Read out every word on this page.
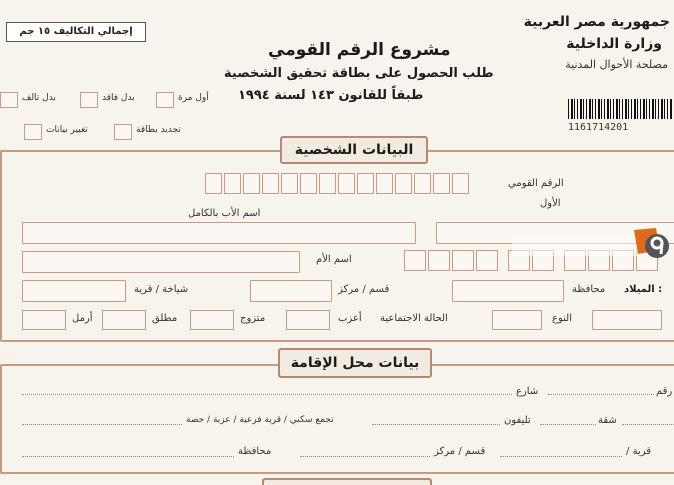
إجمالي التكاليف ١٥ جم
جمهورية مصر العربية
وزارة الداخلية
مصلحة الأحوال المدنية
1161714201
مشروع الرقم القومي
طلب الحصول على بطاقة تحقيق الشخصية
طبقاً للقانون ١٤٣ لسنة ١٩٩٤
أول مرة
بدل فاقد
بدل تالف
تغيير بيانات	تجديد بطاقة
البيانات الشخصية
الرقم القومي
الأول
اسم الأب بالكامل
اسم الأم
شياخة / قرية	قسم / مركز	محافظة الميلاد :
أرمل	مطلق	متزوج	أعزب الحالة الاجتماعية	النوع
بيانات محل الإقامة
شارع	رقم
تجمع سكني / قرية فرعية / عزبة / حصة	تليفون	شقة
محافظة	قسم / مركز	/ قرية
